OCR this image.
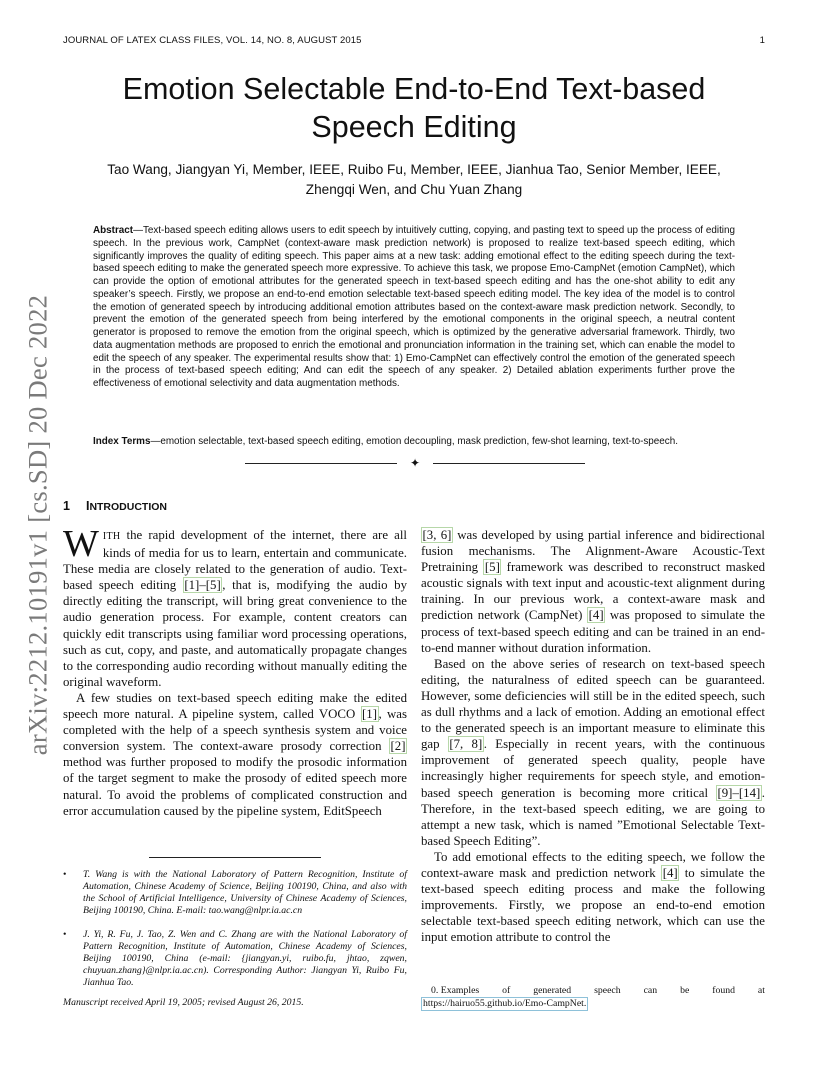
JOURNAL OF LATEX CLASS FILES, VOL. 14, NO. 8, AUGUST 2015	1
arXiv:2212.10191v1 [cs.SD] 20 Dec 2022
Emotion Selectable End-to-End Text-based
Speech Editing
Tao Wang, Jiangyan Yi, Member, IEEE, Ruibo Fu, Member, IEEE, Jianhua Tao, Senior Member, IEEE,
Zhengqi Wen, and Chu Yuan Zhang
Abstract—Text-based speech editing allows users to edit speech by intuitively cutting, copying, and pasting text to speed up the process of editing speech. In the previous work, CampNet (context-aware mask prediction network) is proposed to realize text-based speech editing, which significantly improves the quality of editing speech. This paper aims at a new task: adding emotional effect to the editing speech during the text-based speech editing to make the generated speech more expressive. To achieve this task, we propose Emo-CampNet (emotion CampNet), which can provide the option of emotional attributes for the generated speech in text-based speech editing and has the one-shot ability to edit any speaker’s speech. Firstly, we propose an end-to-end emotion selectable text-based speech editing model. The key idea of the model is to control the emotion of generated speech by introducing additional emotion attributes based on the context-aware mask prediction network. Secondly, to prevent the emotion of the generated speech from being interfered by the emotional components in the original speech, a neutral content generator is proposed to remove the emotion from the original speech, which is optimized by the generative adversarial framework. Thirdly, two data augmentation methods are proposed to enrich the emotional and pronunciation information in the training set, which can enable the model to edit the speech of any speaker. The experimental results show that: 1) Emo-CampNet can effectively control the emotion of the generated speech in the process of text-based speech editing; And can edit the speech of any speaker. 2) Detailed ablation experiments further prove the effectiveness of emotional selectivity and data augmentation methods.
Index Terms—emotion selectable, text-based speech editing, emotion decoupling, mask prediction, few-shot learning, text-to-speech.
✦
1 INTRODUCTION

WITH the rapid development of the internet, there are all kinds of media for us to learn, entertain and communicate. These media are closely related to the generation of audio. Text-based speech editing [1]–[5] , that is, modifying the audio by directly editing the transcript, will bring great convenience to the audio generation process. For example, content creators can quickly edit transcripts using familiar word processing operations, such as cut, copy, and paste, and automatically propagate changes to the corresponding audio recording without manually editing the original waveform.

A few studies on text-based speech editing make the edited speech more natural. A pipeline system, called VOCO [1] , was completed with the help of a speech synthesis system and voice conversion system. The context-aware prosody correction [2] method was further proposed to modify the prosodic information of the target segment to make the prosody of edited speech more natural. To avoid the problems of complicated construction and error accumulation caused by the pipeline system, EditSpeech

• T. Wang is with the National Laboratory of Pattern Recognition, Institute of Automation, Chinese Academy of Science, Beijing 100190, China, and also with the School of Artificial Intelligence, University of Chinese Academy of Sciences, Beijing 100190, China. E-mail: tao.wang@nlpr.ia.ac.cn
• J. Yi, R. Fu, J. Tao, Z. Wen and C. Zhang are with the National Laboratory of Pattern Recognition, Institute of Automation, Chinese Academy of Sciences, Beijing 100190, China (e-mail: {jiangyan.yi, ruibo.fu, jhtao, zqwen, chuyuan.zhang}@nlpr.ia.ac.cn). Corresponding Author: Jiangyan Yi, Ruibo Fu, Jianhua Tao.
Manuscript received April 19, 2005; revised August 26, 2015.

[3, 6] was developed by using partial inference and bidirectional fusion mechanisms. The Alignment-Aware Acoustic-Text Pretraining [5] framework was described to reconstruct masked acoustic signals with text input and acoustic-text alignment during training. In our previous work, a context-aware mask and prediction network (CampNet) [4] was proposed to simulate the process of text-based speech editing and can be trained in an end-to-end manner without duration information.

Based on the above series of research on text-based speech editing, the naturalness of edited speech can be guaranteed. However, some deficiencies will still be in the edited speech, such as dull rhythms and a lack of emotion. Adding an emotional effect to the generated speech is an important measure to eliminate this gap [7, 8] . Especially in recent years, with the continuous improvement of generated speech quality, people have increasingly higher requirements for speech style, and emotion-based speech generation is becoming more critical [9]–[14] . Therefore, in the text-based speech editing, we are going to attempt a new task, which is named ”Emotional Selectable Text-based Speech Editing”.

To add emotional effects to the editing speech, we follow the context-aware mask and prediction network [4] to simulate the text-based speech editing process and make the following improvements. Firstly, we propose an end-to-end emotion selectable text-based speech editing network, which can use the input emotion attribute to control the

0. Examples of generated speech can be found at
https://hairuo55.github.io/Emo-CampNet.
